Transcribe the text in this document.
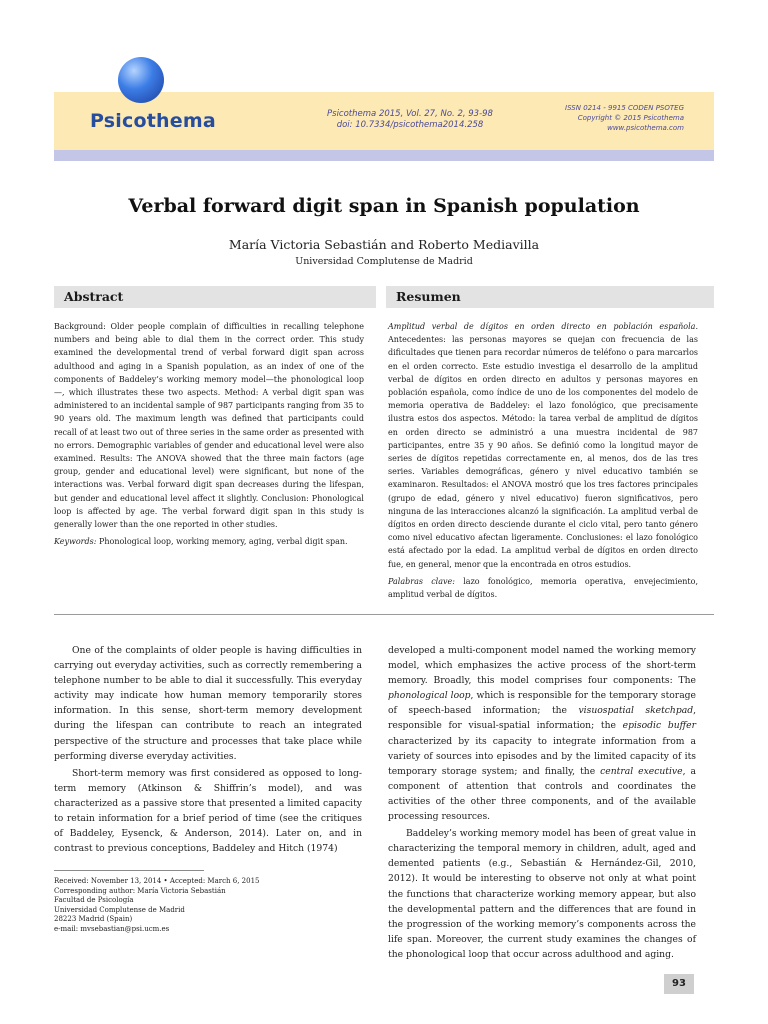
Psicothema	Psicothema 2015, Vol. 27, No. 2, 93-98
doi: 10.7334/psicothema2014.258
ISSN 0214 - 9915 CODEN PSOTEG
Copyright © 2015 Psicothema
www.psicothema.com
Verbal forward digit span in Spanish population
María Victoria Sebastián and Roberto Mediavilla
Universidad Complutense de Madrid
Abstract	Resumen

Background: Older people complain of difficulties in recalling telephone numbers and being able to dial them in the correct order. This study examined the developmental trend of verbal forward digit span across adulthood and aging in a Spanish population, as an index of one of the components of Baddeley’s working memory model—the phonological loop—, which illustrates these two aspects. Method: A verbal digit span was administered to an incidental sample of 987 participants ranging from 35 to 90 years old. The maximum length was defined that participants could recall of at least two out of three series in the same order as presented with no errors. Demographic variables of gender and educational level were also examined. Results: The ANOVA showed that the three main factors (age group, gender and educational level) were significant, but none of the interactions was. Verbal forward digit span decreases during the lifespan, but gender and educational level affect it slightly. Conclusion: Phonological loop is affected by age. The verbal forward digit span in this study is generally lower than the one reported in other studies.

Keywords: Phonological loop, working memory, aging, verbal digit span.

Amplitud verbal de dígitos en orden directo en población española. Antecedentes: las personas mayores se quejan con frecuencia de las dificultades que tienen para recordar números de teléfono o para marcarlos en el orden correcto. Este estudio investiga el desarrollo de la amplitud verbal de dígitos en orden directo en adultos y personas mayores en población española, como índice de uno de los componentes del modelo de memoria operativa de Baddeley: el lazo fonológico, que precisamente ilustra estos dos aspectos. Método: la tarea verbal de amplitud de dígitos en orden directo se administró a una muestra incidental de 987 participantes, entre 35 y 90 años. Se definió como la longitud mayor de series de dígitos repetidas correctamente en, al menos, dos de las tres series. Variables demográficas, género y nivel educativo también se examinaron. Resultados: el ANOVA mostró que los tres factores principales (grupo de edad, género y nivel educativo) fueron significativos, pero ninguna de las interacciones alcanzó la significación. La amplitud verbal de dígitos en orden directo desciende durante el ciclo vital, pero tanto género como nivel educativo afectan ligeramente. Conclusiones: el lazo fonológico está afectado por la edad. La amplitud verbal de dígitos en orden directo fue, en general, menor que la encontrada en otros estudios.

Palabras clave: lazo fonológico, memoria operativa, envejecimiento, amplitud verbal de dígitos.

One of the complaints of older people is having difficulties in carrying out everyday activities, such as correctly remembering a telephone number to be able to dial it successfully. This everyday activity may indicate how human memory temporarily stores information. In this sense, short-term memory development during the lifespan can contribute to reach an integrated perspective of the structure and processes that take place while performing diverse everyday activities.

Short-term memory was first considered as opposed to long-term memory (Atkinson & Shiffrin’s model), and was characterized as a passive store that presented a limited capacity to retain information for a brief period of time (see the critiques of Baddeley, Eysenck, & Anderson, 2014). Later on, and in contrast to previous conceptions, Baddeley and Hitch (1974)

developed a multi-component model named the working memory model, which emphasizes the active process of the short-term memory. Broadly, this model comprises four components: The phonological loop, which is responsible for the temporary storage of speech-based information; the visuospatial sketchpad, responsible for visual-spatial information; the episodic buffer characterized by its capacity to integrate information from a variety of sources into episodes and by the limited capacity of its temporary storage system; and finally, the central executive, a component of attention that controls and coordinates the activities of the other three components, and of the available processing resources.

Baddeley’s working memory model has been of great value in characterizing the temporal memory in children, adult, aged and demented patients (e.g., Sebastián & Hernández-Gil, 2010, 2012). It would be interesting to observe not only at what point the functions that characterize working memory appear, but also the developmental pattern and the differences that are found in the progression of the working memory’s components across the life span. Moreover, the current study examines the changes of the phonological loop that occur across adulthood and aging.

Received: November 13, 2014 • Accepted: March 6, 2015
Corresponding author: María Victoria Sebastián
Facultad de Psicología
Universidad Complutense de Madrid
28223 Madrid (Spain)
e-mail: mvsebastian@psi.ucm.es
93
